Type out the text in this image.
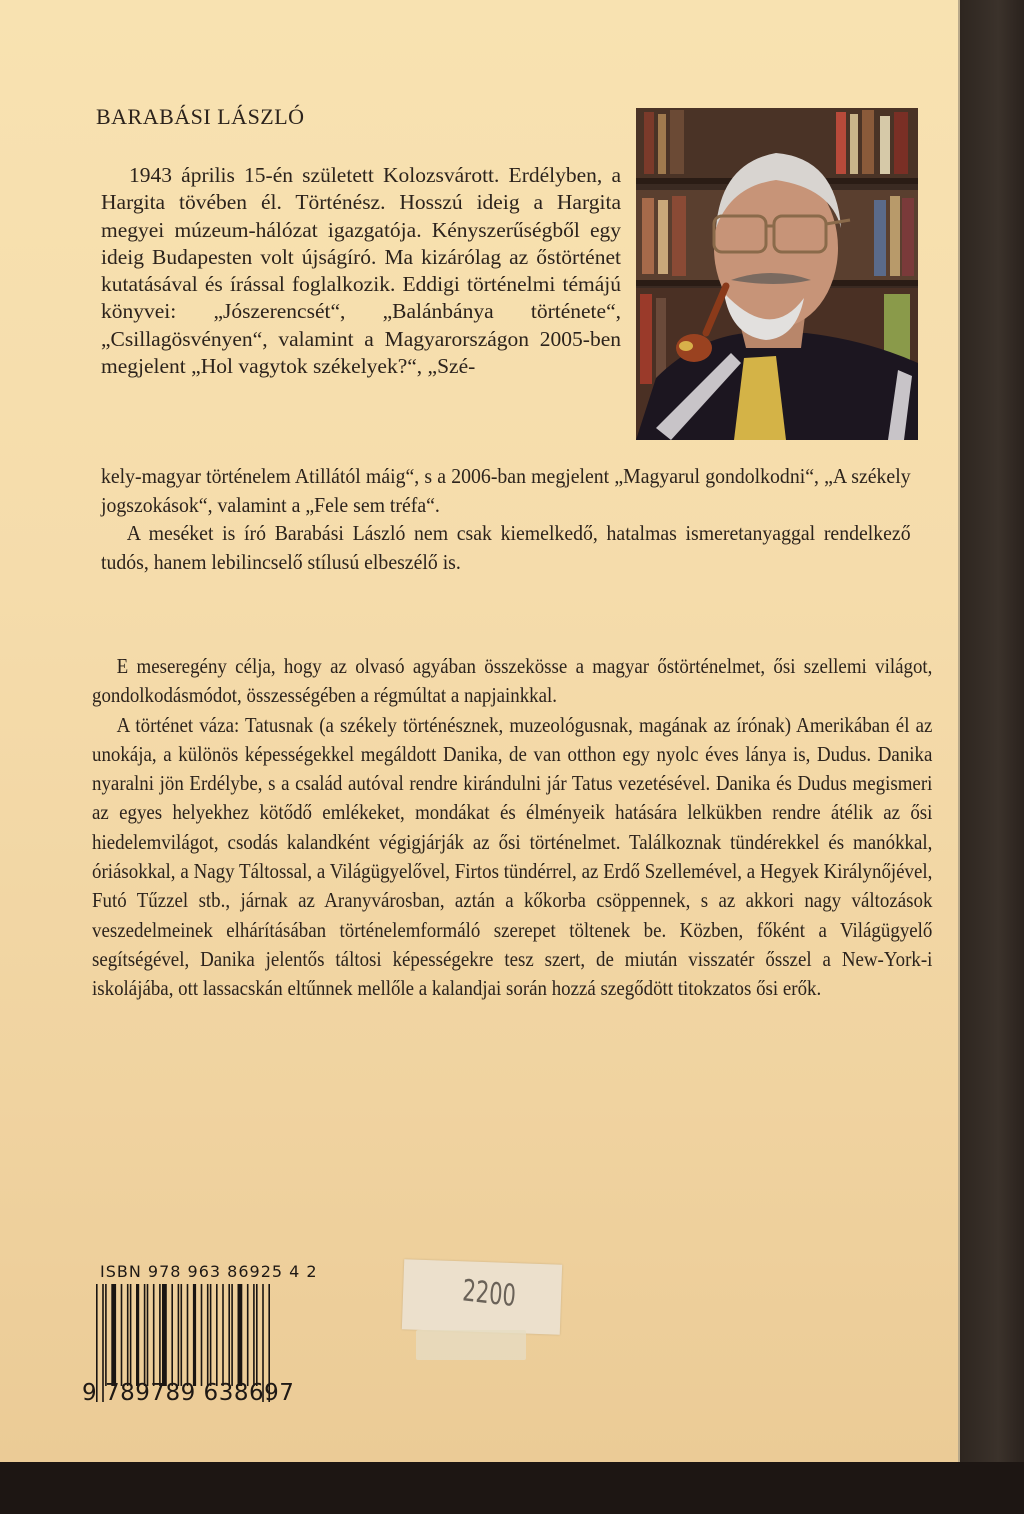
BARABÁSI LÁSZLÓ

1943 április 15-én született Kolozsvárott. Erdélyben, a Hargita tövében él. Történész. Hosszú ideig a Hargita megyei múzeum-hálózat igazgatója. Kényszerűségből egy ideig Budapesten volt újságíró. Ma kizárólag az őstörténet kutatásával és írással foglalkozik. Eddigi történelmi témájú könyvei: „Jószerencsét“, „Balánbánya története“, „Csillagösvényen“, valamint a Magyarországon 2005-ben megjelent „Hol vagytok székelyek?“, „Szé-

kely-magyar történelem Atillától máig“, s a 2006-ban megjelent „Magyarul gondolkodni“, „A székely jogszokások“, valamint a „Fele sem tréfa“.

A meséket is író Barabási László nem csak kiemelkedő, hatalmas ismeretanyaggal rendelkező tudós, hanem lebilincselő stílusú elbeszélő is.

E meseregény célja, hogy az olvasó agyában összekösse a magyar őstörténelmet, ősi szellemi világot, gondolkodásmódot, összességében a régmúltat a napjainkkal.

A történet váza: Tatusnak (a székely történésznek, muzeológusnak, magának az írónak) Amerikában él az unokája, a különös képességekkel megáldott Danika, de van otthon egy nyolc éves lánya is, Dudus. Danika nyaralni jön Erdélybe, s a család autóval rendre kirándulni jár Tatus vezetésével. Danika és Dudus megismeri az egyes helyekhez kötődő emlékeket, mondákat és élményeik hatására lelkükben rendre átélik az ősi hiedelemvilágot, csodás kalandként végigjárják az ősi történelmet. Találkoznak tündérekkel és manókkal, óriásokkal, a Nagy Táltossal, a Világügyelővel, Firtos tündérrel, az Erdő Szellemével, a Hegyek Királynőjével, Futó Tűzzel stb., járnak az Aranyvárosban, aztán a kőkorba csöppennek, s az akkori nagy változások veszedelmeinek elhárításában történelemformáló szerepet töltenek be. Közben, főként a Világügyelő segítségével, Danika jelentős táltosi képességekre tesz szert, de miután visszatér ősszel a New-York-i iskolájába, ott lassacskán eltűnnek mellőle a kalandjai során hozzá szegődött titokzatos ősi erők.

ISBN 978 963 86925 4 2
9 789789 638697
2200
